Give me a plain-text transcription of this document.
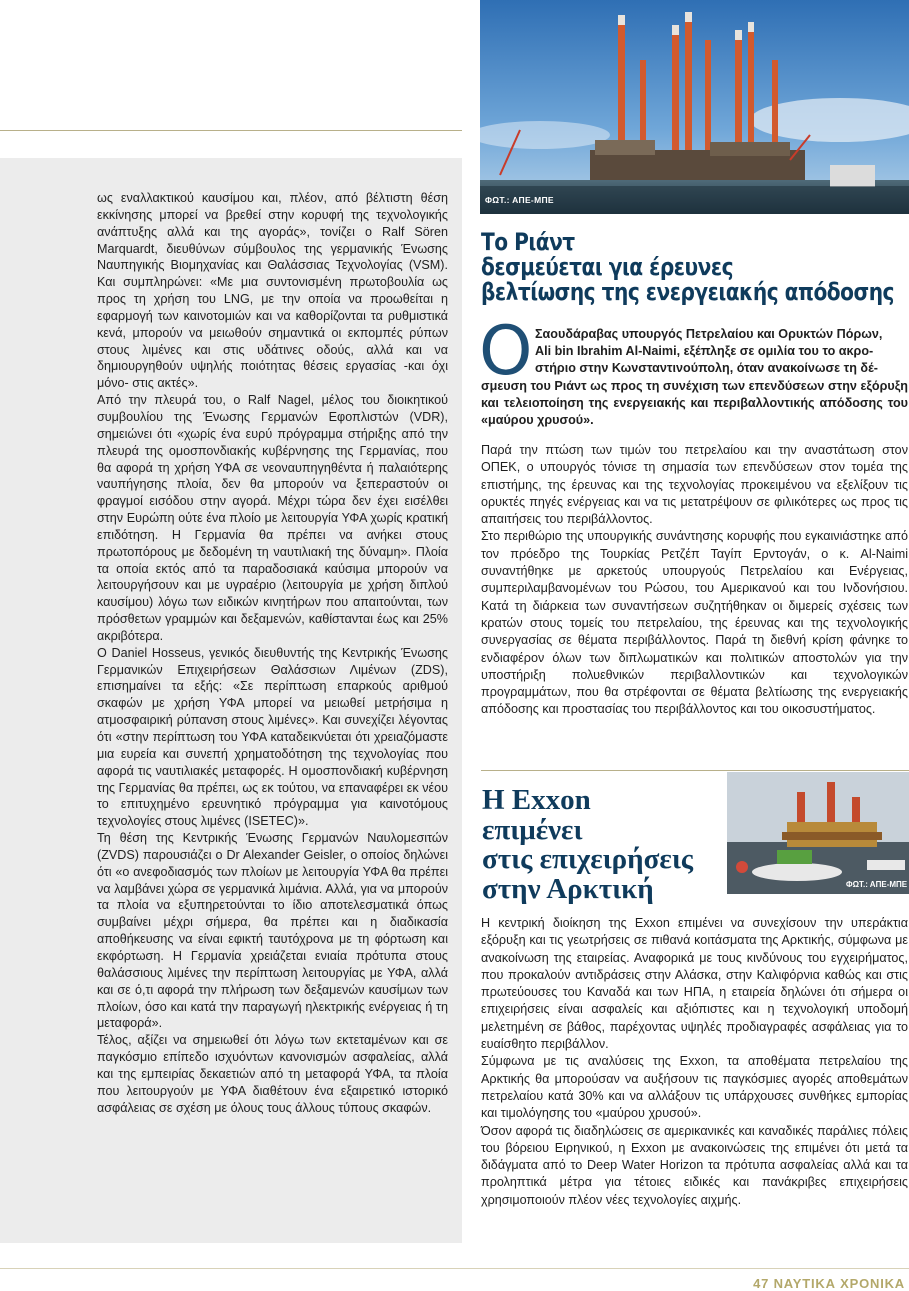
ως εναλλακτικού καυσίμου και, πλέον, από βέλτιστη θέση εκκίνησης μπορεί να βρεθεί στην κορυφή της τεχνολογικής ανάπτυξης αλλά και της αγοράς», τονίζει ο Ralf Sören Marquardt, διευθύνων σύμβουλος της γερμανικής Ένωσης Ναυπηγικής Βιομηχανίας και Θαλάσσιας Τεχνολογίας (VSM). Και συμπληρώνει: «Με μια συντονισμένη πρωτοβουλία ως προς τη χρήση του LNG, με την οποία να προωθείται η εφαρμογή των καινοτομιών και να καθορίζονται τα ρυθμιστικά κενά, μπορούν να μειωθούν σημαντικά οι εκπομπές ρύπων στους λιμένες και στις υδάτινες οδούς, αλλά και να δημιουργηθούν υψηλής ποιότητας θέσεις εργασίας -και όχι μόνο- στις ακτές».

Από την πλευρά του, ο Ralf Nagel, μέλος του διοικητικού συμβουλίου της Ένωσης Γερμανών Εφοπλιστών (VDR), σημειώνει ότι «χωρίς ένα ευρύ πρόγραμμα στήριξης από την πλευρά της ομοσπονδιακής κυβέρνησης της Γερμανίας, που θα αφορά τη χρήση ΥΦΑ σε νεοναυπηγηθέντα ή παλαιότερης ναυπήγησης πλοία, δεν θα μπορούν να ξεπεραστούν οι φραγμοί εισόδου στην αγορά. Μέχρι τώρα δεν έχει εισέλθει στην Ευρώπη ούτε ένα πλοίο με λειτουργία ΥΦΑ χωρίς κρατική επιδότηση. Η Γερμανία θα πρέπει να ανήκει στους πρωτοπόρους με δεδομένη τη ναυτιλιακή της δύναμη». Πλοία τα οποία εκτός από τα παραδοσιακά καύσιμα μπορούν να λειτουργήσουν και με υγραέριο (λειτουργία με χρήση διπλού καυσίμου) λόγω των ειδικών κινητήρων που απαιτούνται, των πρόσθετων γραμμών και δεξαμενών, καθίστανται έως και 25% ακριβότερα.

O Daniel Hosseus, γενικός διευθυντής της Κεντρικής Ένωσης Γερμανικών Επιχειρήσεων Θαλάσσιων Λιμένων (ZDS), επισημαίνει τα εξής: «Σε περίπτωση επαρκούς αριθμού σκαφών με χρήση ΥΦΑ μπορεί να μειωθεί μετρήσιμα η ατμοσφαιρική ρύπανση στους λιμένες». Και συνεχίζει λέγοντας ότι «στην περίπτωση του ΥΦΑ καταδεικνύεται ότι χρειαζόμαστε μια ευρεία και συνεπή χρηματοδότηση της τεχνολογίας που αφορά τις ναυτιλιακές μεταφορές. Η ομοσπονδιακή κυβέρνηση της Γερμανίας θα πρέπει, ως εκ τούτου, να επαναφέρει εκ νέου το επιτυχημένο ερευνητικό πρόγραμμα για καινοτόμους τεχνολογίες στους λιμένες (ISETEC)».

Τη θέση της Κεντρικής Ένωσης Γερμανών Ναυλομεσιτών (ZVDS) παρουσιάζει ο Dr Alexander Geisler, ο οποίος δηλώνει ότι «ο ανεφοδιασμός των πλοίων με λειτουργία ΥΦΑ θα πρέπει να λαμβάνει χώρα σε γερμανικά λιμάνια. Αλλά, για να μπορούν τα πλοία να εξυπηρετούνται το ίδιο αποτελεσματικά όπως συμβαίνει μέχρι σήμερα, θα πρέπει και η διαδικασία αποθήκευσης να είναι εφικτή ταυτόχρονα με τη φόρτωση και εκφόρτωση. Η Γερμανία χρειάζεται ενιαία πρότυπα στους θαλάσσιους λιμένες την περίπτωση λειτουργίας με ΥΦΑ, αλλά και σε ό,τι αφορά την πλήρωση των δεξαμενών καυσίμων των πλοίων, όσο και κατά την παραγωγή ηλεκτρικής ενέργειας ή τη μεταφορά».

Τέλος, αξίζει να σημειωθεί ότι λόγω των εκτεταμένων και σε παγκόσμιο επίπεδο ισχυόντων κανονισμών ασφαλείας, αλλά και της εμπειρίας δεκαετιών από τη μεταφορά ΥΦΑ, τα πλοία που λειτουργούν με ΥΦΑ διαθέτουν ένα εξαιρετικό ιστορικό ασφάλειας σε σχέση με όλους τους άλλους τύπους σκαφών.

ΦΩΤ.: ΑΠΕ-ΜΠΕ
Το Ριάντ
δεσμεύεται για έρευνες
βελτίωσης της ενεργειακής απόδοσης
Ο Σαουδάραβας υπουργός Πετρελαίου και Ορυκτών Πόρων,
Ali bin Ibrahim Al-Naimi, εξέπληξε σε ομιλία του το ακρο-
στήριο στην Κωνσταντινούπολη, όταν ανακοίνωσε τη δέ-
σμευση του Ριάντ ως προς τη συνέχιση των επενδύσεων στην εξόρυξη και τελειοποίηση της ενεργειακής και περιβαλλοντικής απόδοσης του «μαύρου χρυσού».

Παρά την πτώση των τιμών του πετρελαίου και την αναστάτωση στον ΟΠΕΚ, ο υπουργός τόνισε τη σημασία των επενδύσεων στον τομέα της επιστήμης, της έρευνας και της τεχνολογίας προκειμένου να εξελίξουν τις ορυκτές πηγές ενέργειας και να τις μετατρέψουν σε φιλικότερες ως προς τις απαιτήσεις του περιβάλλοντος.

Στο περιθώριο της υπουργικής συνάντησης κορυφής που εγκαινιάστηκε από τον πρόεδρο της Τουρκίας Ρετζέπ Ταγίπ Ερντογάν, ο κ. Al-Naimi συναντήθηκε με αρκετούς υπουργούς Πετρελαίου και Ενέργειας, συμπεριλαμβανομένων του Ρώσου, του Αμερικανού και του Ινδονήσιου. Κατά τη διάρκεια των συναντήσεων συζητήθηκαν οι διμερείς σχέσεις των κρατών στους τομείς του πετρελαίου, της έρευνας και της τεχνολογικής συνεργασίας σε θέματα περιβάλλοντος. Παρά τη διεθνή κρίση φάνηκε το ενδιαφέρον όλων των διπλωματικών και πολιτικών αποστολών για την υποστήριξη πολυεθνικών περιβαλλοντικών και τεχνολογικών προγραμμάτων, που θα στρέφονται σε θέματα βελτίωσης της ενεργειακής απόδοσης και προστασίας του περιβάλλοντος και του οικοσυστήματος.

Η Exxon
επιμένει
στις επιχειρήσεις
στην Αρκτική	ΦΩΤ.: ΑΠΕ-ΜΠΕ

Η κεντρική διοίκηση της Exxon επιμένει να συνεχίσουν την υπεράκτια εξόρυξη και τις γεωτρήσεις σε πιθανά κοιτάσματα της Αρκτικής, σύμφωνα με ανακοίνωση της εταιρείας. Αναφορικά με τους κινδύνους του εγχειρήματος, που προκαλούν αντιδράσεις στην Αλάσκα, στην Καλιφόρνια καθώς και στις πρωτεύουσες του Καναδά και των ΗΠΑ, η εταιρεία δηλώνει ότι σήμερα οι επιχειρήσεις είναι ασφαλείς και αξιόπιστες και η τεχνολογική υποδομή μελετημένη σε βάθος, παρέχοντας υψηλές προδιαγραφές ασφάλειας για το ευαίσθητο περιβάλλον.

Σύμφωνα με τις αναλύσεις της Exxon, τα αποθέματα πετρελαίου της Αρκτικής θα μπορούσαν να αυξήσουν τις παγκόσμιες αγορές αποθεμάτων πετρελαίου κατά 30% και να αλλάξουν τις υπάρχουσες συνθήκες εμπορίας και τιμολόγησης του «μαύρου χρυσού».

Όσον αφορά τις διαδηλώσεις σε αμερικανικές και καναδικές παράλιες πόλεις του βόρειου Ειρηνικού, η Exxon με ανακοινώσεις της επιμένει ότι μετά τα διδάγματα από το Deep Water Horizon τα πρότυπα ασφαλείας αλλά και τα προληπτικά μέτρα για τέτοιες ειδικές και πανάκριβες επιχειρήσεις χρησιμοποιούν πλέον νέες τεχνολογίες αιχμής.

47 ΝΑΥΤΙΚΑ ΧΡΟΝΙΚΑ
